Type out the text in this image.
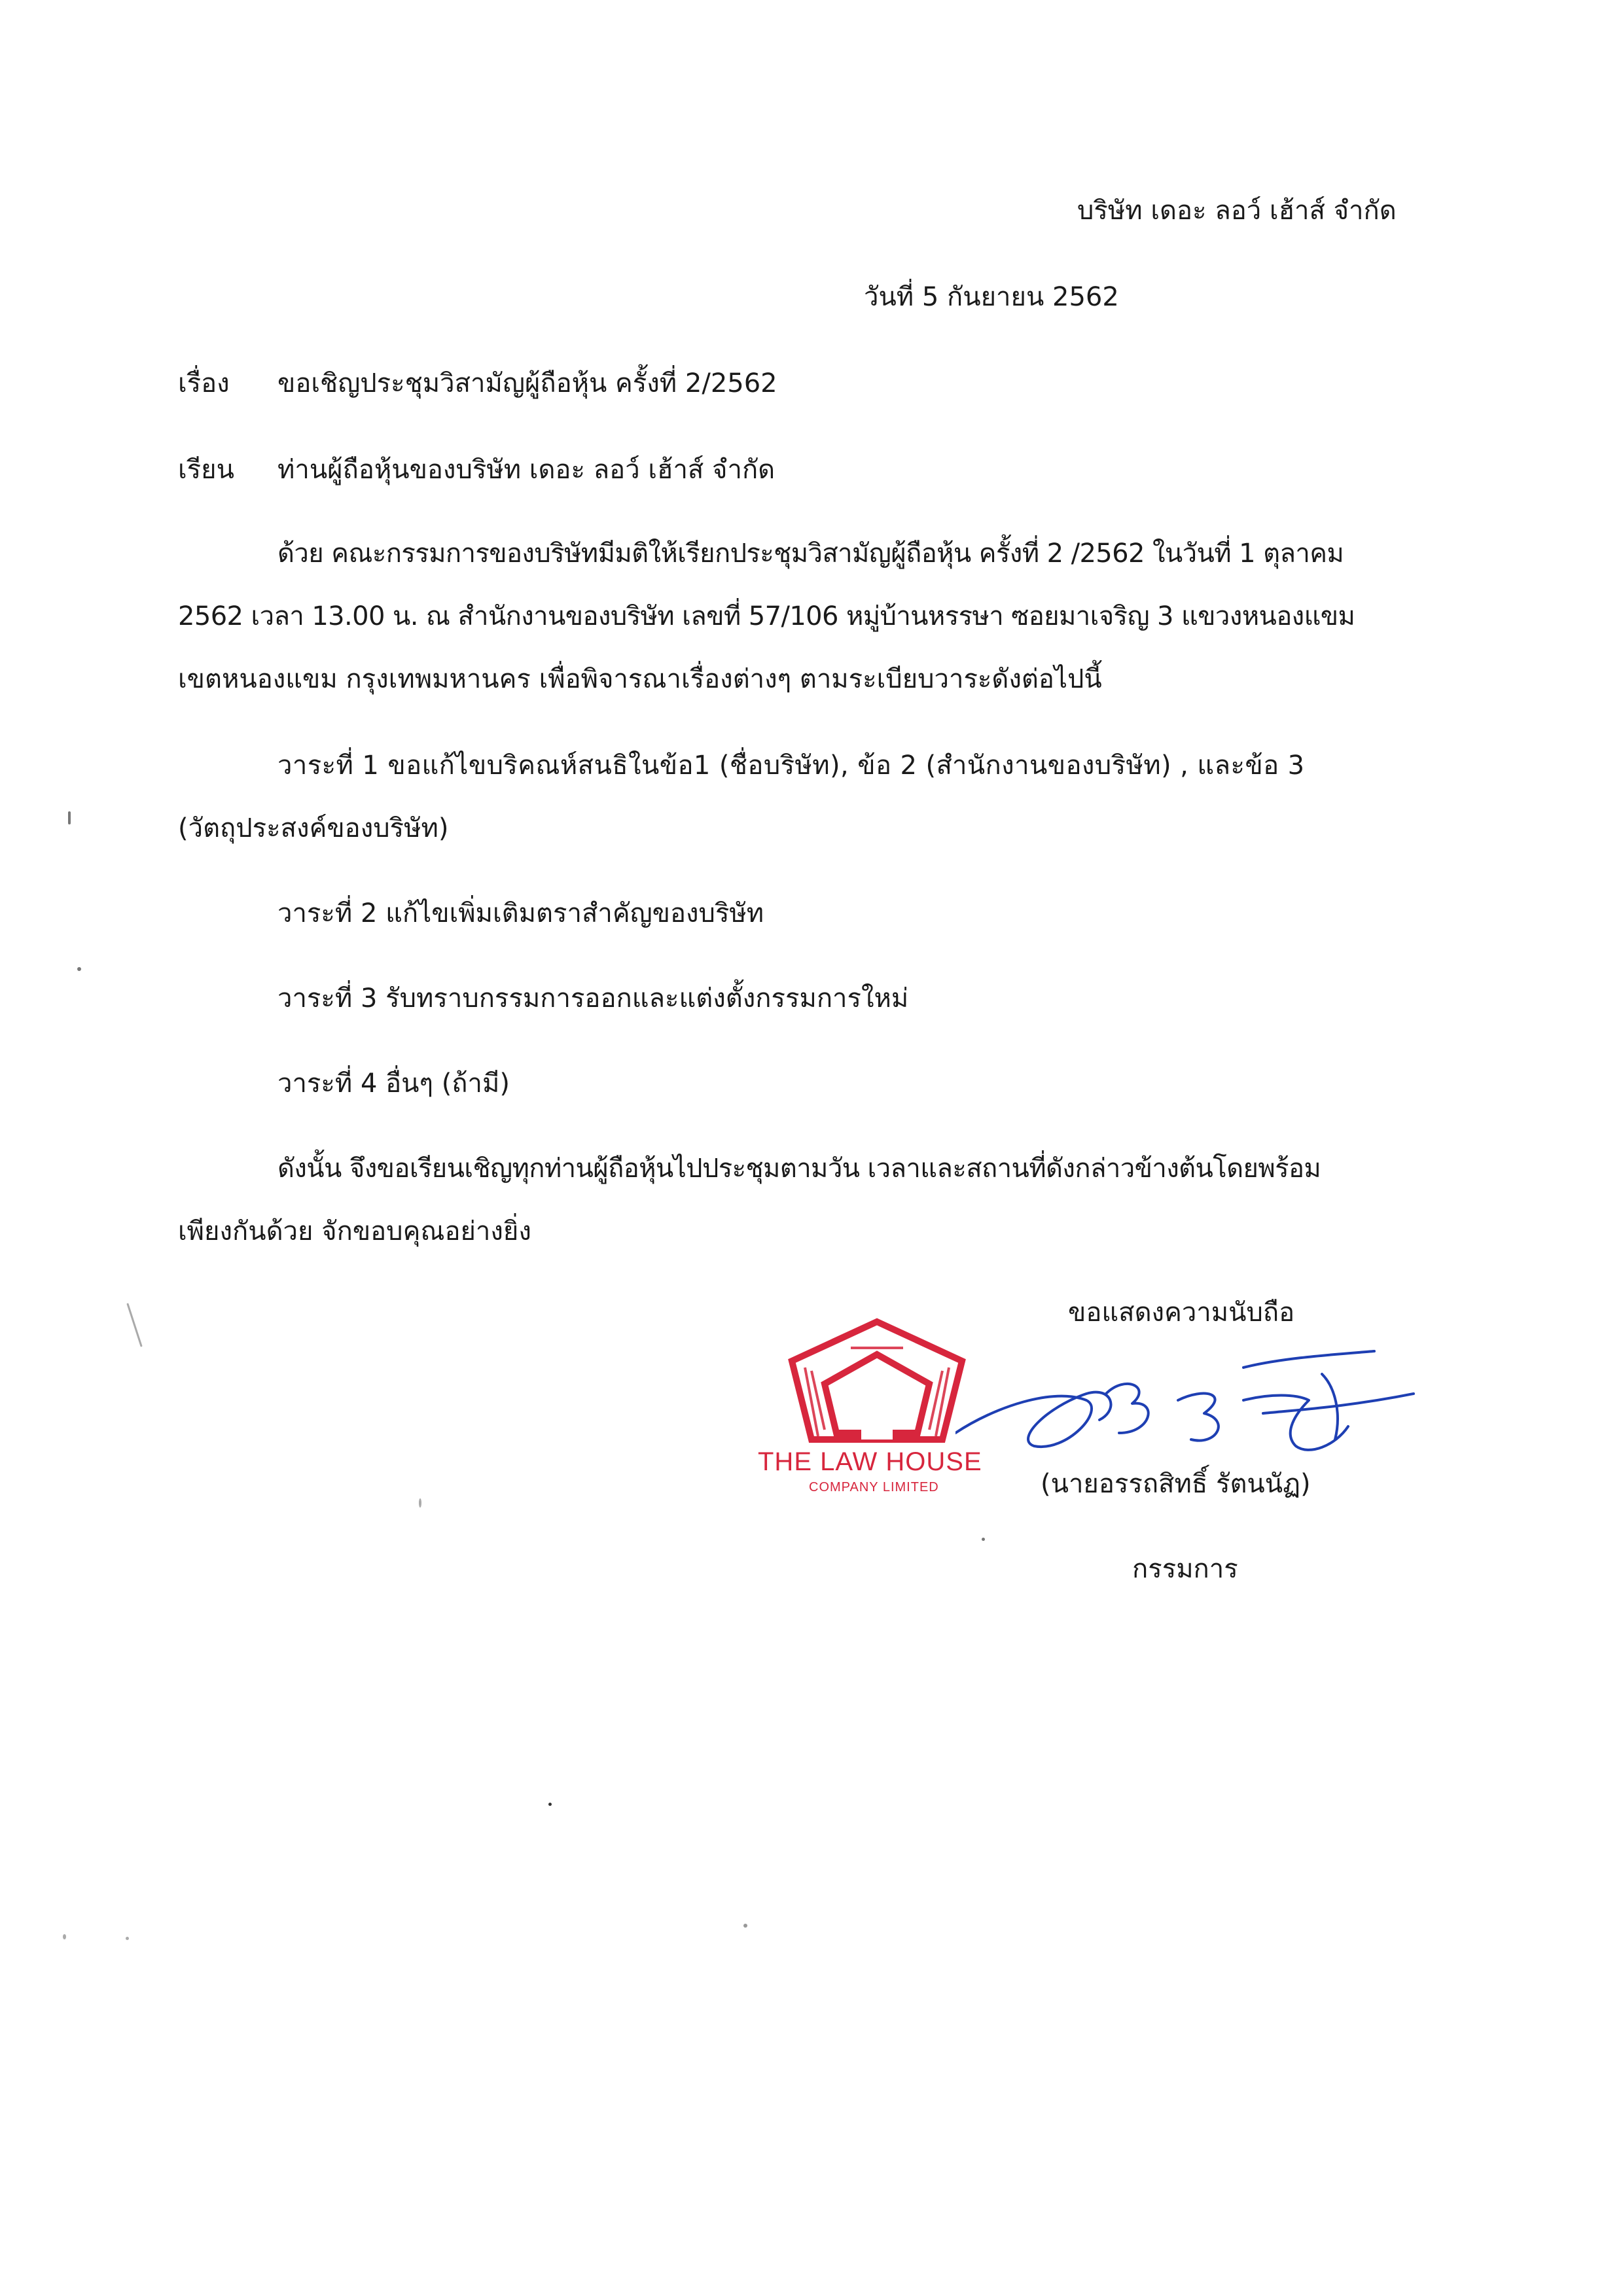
บริษัท เดอะ ลอว์ เฮ้าส์ จำกัด
วันที่ 5 กันยายน 2562
เรื่อง ขอเชิญประชุมวิสามัญผู้ถือหุ้น ครั้งที่ 2/2562
เรียน ท่านผู้ถือหุ้นของบริษัท เดอะ ลอว์ เฮ้าส์ จำกัด
ด้วย คณะกรรมการของบริษัทมีมติให้เรียกประชุมวิสามัญผู้ถือหุ้น ครั้งที่ 2 /2562 ในวันที่ 1 ตุลาคม
2562 เวลา 13.00 น. ณ สำนักงานของบริษัท เลขที่ 57/106 หมู่บ้านหรรษา ซอยมาเจริญ 3 แขวงหนองแขม
เขตหนองแขม กรุงเทพมหานคร เพื่อพิจารณาเรื่องต่างๆ ตามระเบียบวาระดังต่อไปนี้
วาระที่ 1 ขอแก้ไขบริคณห์สนธิในข้อ1 (ชื่อบริษัท), ข้อ 2 (สำนักงานของบริษัท) , และข้อ 3
(วัตถุประสงค์ของบริษัท)
วาระที่ 2 แก้ไขเพิ่มเติมตราสำคัญของบริษัท
วาระที่ 3 รับทราบกรรมการออกและแต่งตั้งกรรมการใหม่
วาระที่ 4 อื่นๆ (ถ้ามี)
ดังนั้น จึงขอเรียนเชิญทุกท่านผู้ถือหุ้นไปประชุมตามวัน เวลาและสถานที่ดังกล่าวข้างต้นโดยพร้อม
เพียงกันด้วย จักขอบคุณอย่างยิ่ง
ขอแสดงความนับถือ
THE LAW HOUSE
COMPANY LIMITED	(นายอรรถสิทธิ์ รัตนนัฏ)
กรรมการ
